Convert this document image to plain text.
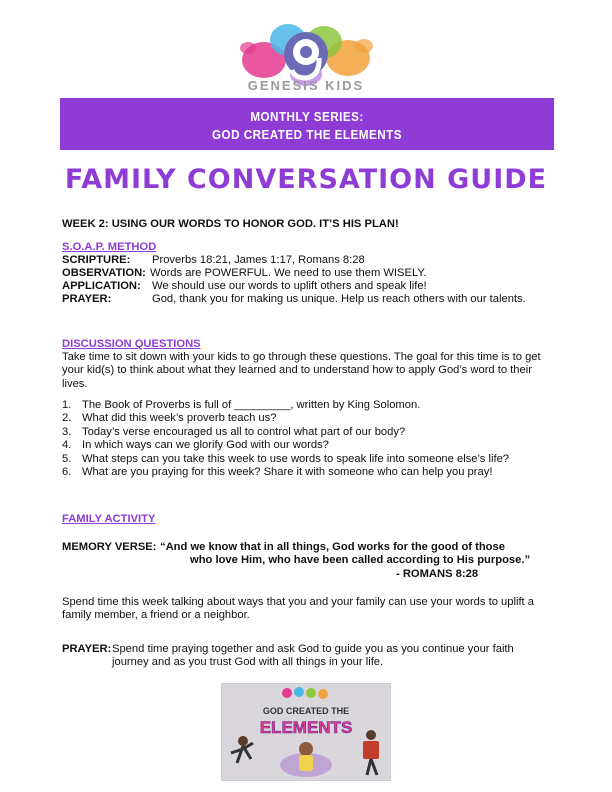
GENESIS KIDS
MONTHLY SERIES:
GOD CREATED THE ELEMENTS
FAMILY CONVERSATION GUIDE
WEEK 2: USING OUR WORDS TO HONOR GOD. IT’S HIS PLAN!
S.O.A.P. METHOD
SCRIPTURE: Proverbs 18:21, James 1:17, Romans 8:28
OBSERVATION: Words are POWERFUL. We need to use them WISELY.
APPLICATION: We should use our words to uplift others and speak life!
PRAYER:	God, thank you for making us unique. Help us reach others with our talents.
DISCUSSION QUESTIONS
Take time to sit down with your kids to go through these questions. The goal for this time is to get your kid(s) to think about what they learned and to understand how to apply God’s word to their lives.
1. The Book of Proverbs is full of _________, written by King Solomon.
2. What did this week’s proverb teach us?
3. Today’s verse encouraged us all to control what part of our body?
4. In which ways can we glorify God with our words?
5. What steps can you take this week to use words to speak life into someone else’s life?
6. What are you praying for this week? Share it with someone who can help you pray!
FAMILY ACTIVITY
MEMORY VERSE: “And we know that in all things, God works for the good of those
who love Him, who have been called according to His purpose.”
- ROMANS 8:28
Spend time this week talking about ways that you and your family can use your words to uplift a family member, a friend or a neighbor.
PRAYER: Spend time praying together and ask God to guide you as you continue your faith
journey and as you trust God with all things in your life.
GOD CREATED THE
ELEMENTS
